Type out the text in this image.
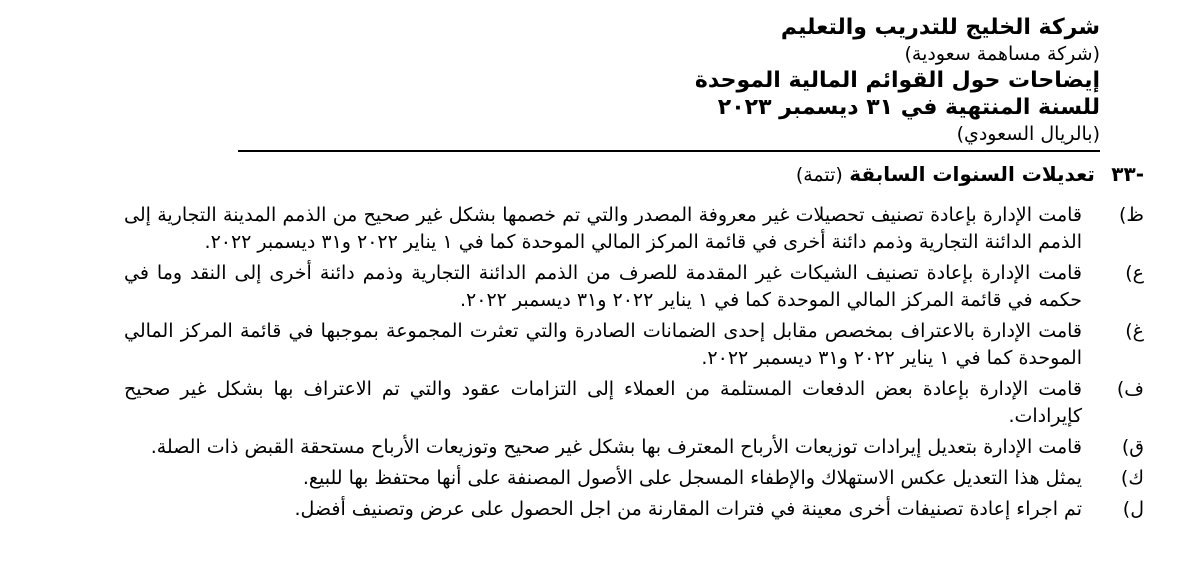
شركة الخليج للتدريب والتعليم
(شركة مساهمة سعودية)
إيضاحات حول القوائم المالية الموحدة
للسنة المنتهية في ٣١ ديسمبر ٢٠٢٣
(بالريال السعودي)
-٣٣ تعديلات السنوات السابقة (تتمة)
ظ)
قامت الإدارة بإعادة تصنيف تحصيلات غير معروفة المصدر والتي تم خصمها بشكل غير صحيح من الذمم المدينة التجارية إلى الذمم الدائنة التجارية وذمم دائنة أخرى في قائمة المركز المالي الموحدة كما في ١ يناير ٢٠٢٢ و٣١ ديسمبر ٢٠٢٢.
ع)
قامت الإدارة بإعادة تصنيف الشيكات غير المقدمة للصرف من الذمم الدائنة التجارية وذمم دائنة أخرى إلى النقد وما في حكمه في قائمة المركز المالي الموحدة كما في ١ يناير ٢٠٢٢ و٣١ ديسمبر ٢٠٢٢.
غ)
قامت الإدارة بالاعتراف بمخصص مقابل إحدى الضمانات الصادرة والتي تعثرت المجموعة بموجبها في قائمة المركز المالي الموحدة كما في ١ يناير ٢٠٢٢ و٣١ ديسمبر ٢٠٢٢.
ف)
قامت الإدارة بإعادة بعض الدفعات المستلمة من العملاء إلى التزامات عقود والتي تم الاعتراف بها بشكل غير صحيح كإيرادات.
ق)
قامت الإدارة بتعديل إيرادات توزيعات الأرباح المعترف بها بشكل غير صحيح وتوزيعات الأرباح مستحقة القبض ذات الصلة.
ك)
يمثل هذا التعديل عكس الاستهلاك والإطفاء المسجل على الأصول المصنفة على أنها محتفظ بها للبيع.
ل)
تم اجراء إعادة تصنيفات أخرى معينة في فترات المقارنة من اجل الحصول على عرض وتصنيف أفضل.
